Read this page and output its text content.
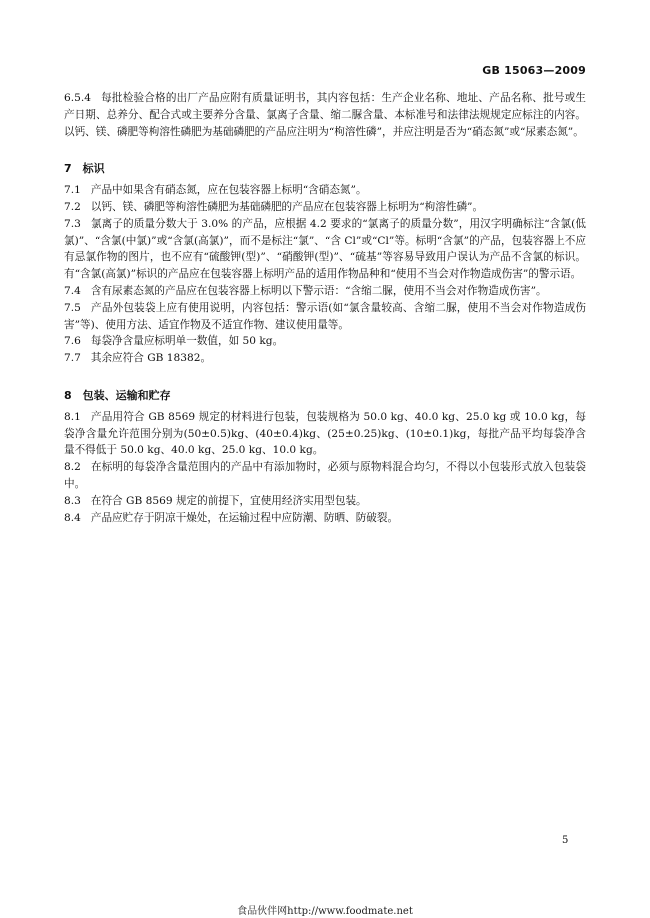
GB 15063—2009

6.5.4 每批检验合格的出厂产品应附有质量证明书，其内容包括：生产企业名称、地址、产品名称、批号或生产日期、总养分、配合式或主要养分含量、氯离子含量、缩二脲含量、本标准号和法律法规规定应标注的内容。以钙、镁、磷肥等枸溶性磷肥为基础磷肥的产品应注明为“枸溶性磷”，并应注明是否为“硝态氮”或“尿素态氮”。

7　标识

7.1 产品中如果含有硝态氮，应在包装容器上标明“含硝态氮”。

7.2 以钙、镁、磷肥等枸溶性磷肥为基础磷肥的产品应在包装容器上标明为“枸溶性磷”。

7.3 氯离子的质量分数大于 3.0% 的产品，应根据 4.2 要求的“氯离子的质量分数”，用汉字明确标注“含氯(低氯)”、“含氯(中氯)”或“含氯(高氯)”，而不是标注“氯”、“含 Cl”或“Cl”等。标明“含氯”的产品，包装容器上不应有忌氯作物的图片，也不应有“硫酸钾(型)”、“硝酸钾(型)”、“硫基”等容易导致用户误认为产品不含氯的标识。有“含氯(高氯)”标识的产品应在包装容器上标明产品的适用作物品种和“使用不当会对作物造成伤害”的警示语。

7.4 含有尿素态氮的产品应在包装容器上标明以下警示语：“含缩二脲，使用不当会对作物造成伤害”。

7.5 产品外包装袋上应有使用说明，内容包括：警示语(如“氯含量较高、含缩二脲，使用不当会对作物造成伤害”等)、使用方法、适宜作物及不适宜作物、建议使用量等。

7.6 每袋净含量应标明单一数值，如 50 kg。

7.7 其余应符合 GB 18382。

8　包装、运输和贮存

8.1 产品用符合 GB 8569 规定的材料进行包装，包装规格为 50.0 kg、40.0 kg、25.0 kg 或 10.0 kg，每袋净含量允许范围分别为(50±0.5)kg、(40±0.4)kg、(25±0.25)kg、(10±0.1)kg，每批产品平均每袋净含量不得低于 50.0 kg、40.0 kg、25.0 kg、10.0 kg。

8.2 在标明的每袋净含量范围内的产品中有添加物时，必须与原物料混合均匀，不得以小包装形式放入包装袋中。

8.3 在符合 GB 8569 规定的前提下，宜使用经济实用型包装。

8.4 产品应贮存于阴凉干燥处，在运输过程中应防潮、防晒、防破裂。

5
食品伙伴网http://www.foodmate.net
